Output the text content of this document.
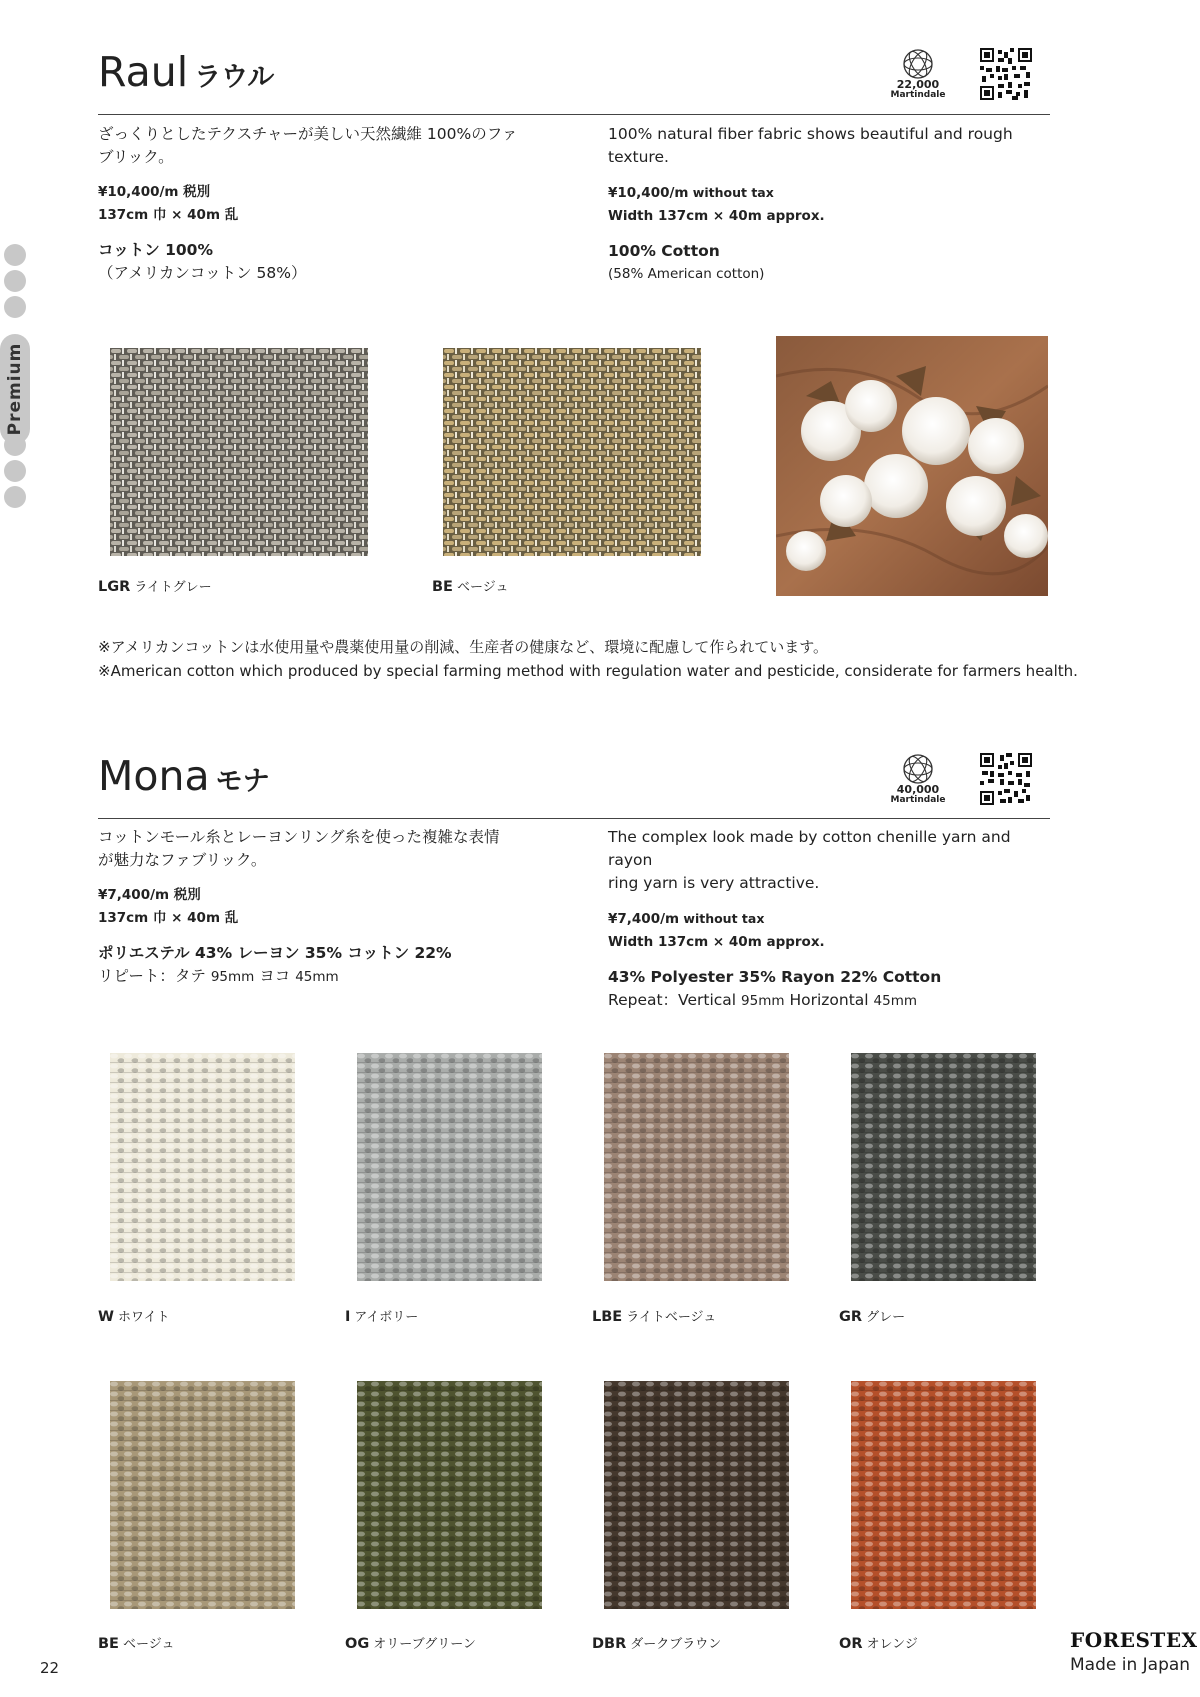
Premium
Raul ラウル	22,000
Martindale

ざっくりとしたテクスチャーが美しい天然繊維 100%のファ

ブリック。

¥10,400/m 税別

137cm 巾 × 40m 乱

コットン 100%

（アメリカンコットン 58%）

100% natural fiber fabric shows beautiful and rough

texture.

¥10,400/m without tax

Width 137cm × 40m approx.

100% Cotton

(58% American cotton)

LGR ライトグレー	BE ベージュ
※アメリカンコットンは水使用量や農薬使用量の削減、生産者の健康など、環境に配慮して作られています。
※American cotton which produced by special farming method with regulation water and pesticide, considerate for farmers health.
Mona モナ	40,000
Martindale

コットンモール糸とレーヨンリング糸を使った複雑な表情

が魅力なファブリック。

¥7,400/m 税別

137cm 巾 × 40m 乱

ポリエステル 43% レーヨン 35% コットン 22%

リピート：タテ 95mm ヨコ 45mm

The complex look made by cotton chenille yarn and rayon

ring yarn is very attractive.

¥7,400/m without tax

Width 137cm × 40m approx.

43% Polyester 35% Rayon 22% Cotton

Repeat：Vertical 95mm Horizontal 45mm

W ホワイト	I アイボリー	LBE ライトベージュ	GR グレー
BE ベージュ	OG オリーブグリーン	DBR ダークブラウン	OR オレンジ
22
FORESTEX
Made in Japan
